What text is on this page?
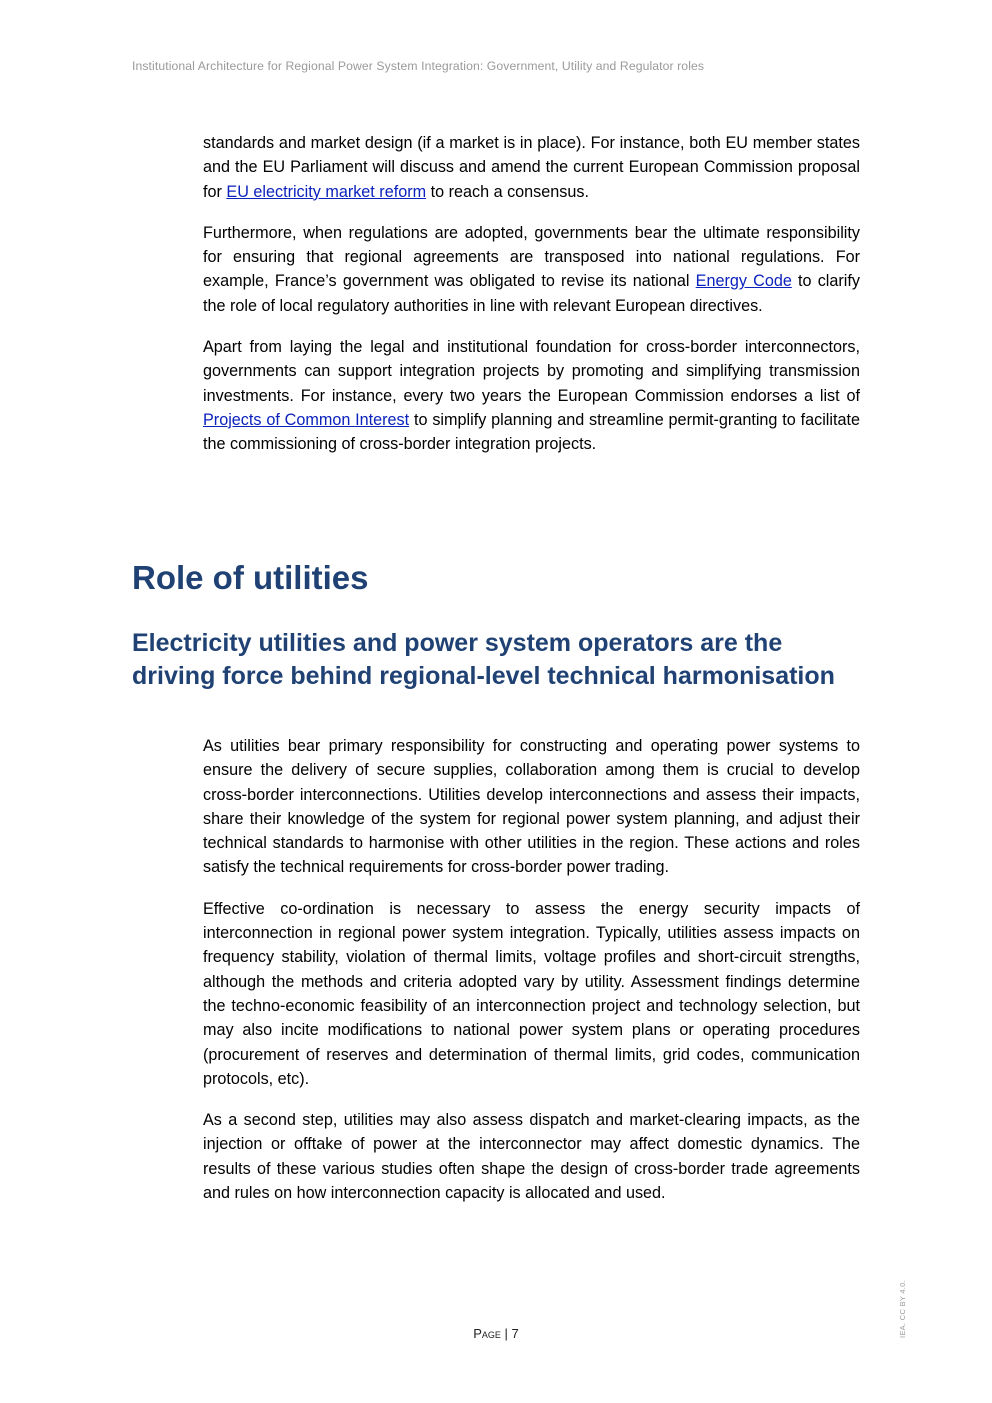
Institutional Architecture for Regional Power System Integration: Government, Utility and Regulator roles

standards and market design (if a market is in place). For instance, both EU member states and the EU Parliament will discuss and amend the current European Commission proposal for EU electricity market reform to reach a consensus.

Furthermore, when regulations are adopted, governments bear the ultimate responsibility for ensuring that regional agreements are transposed into national regulations. For example, France’s government was obligated to revise its national Energy Code to clarify the role of local regulatory authorities in line with relevant European directives.

Apart from laying the legal and institutional foundation for cross-border interconnectors, governments can support integration projects by promoting and simplifying transmission investments. For instance, every two years the European Commission endorses a list of Projects of Common Interest to simplify planning and streamline permit-granting to facilitate the commissioning of cross-border integration projects.

Role of utilities
Electricity utilities and power system operators are the driving force behind regional-level technical harmonisation

As utilities bear primary responsibility for constructing and operating power systems to ensure the delivery of secure supplies, collaboration among them is crucial to develop cross-border interconnections. Utilities develop interconnections and assess their impacts, share their knowledge of the system for regional power system planning, and adjust their technical standards to harmonise with other utilities in the region. These actions and roles satisfy the technical requirements for cross-border power trading.

Effective co-ordination is necessary to assess the energy security impacts of interconnection in regional power system integration. Typically, utilities assess impacts on frequency stability, violation of thermal limits, voltage profiles and short-circuit strengths, although the methods and criteria adopted vary by utility. Assessment findings determine the techno-economic feasibility of an interconnection project and technology selection, but may also incite modifications to national power system plans or operating procedures (procurement of reserves and determination of thermal limits, grid codes, communication protocols, etc).

As a second step, utilities may also assess dispatch and market-clearing impacts, as the injection or offtake of power at the interconnector may affect domestic dynamics. The results of these various studies often shape the design of cross-border trade agreements and rules on how interconnection capacity is allocated and used.

Page | 7	IEA. CC BY 4.0.
